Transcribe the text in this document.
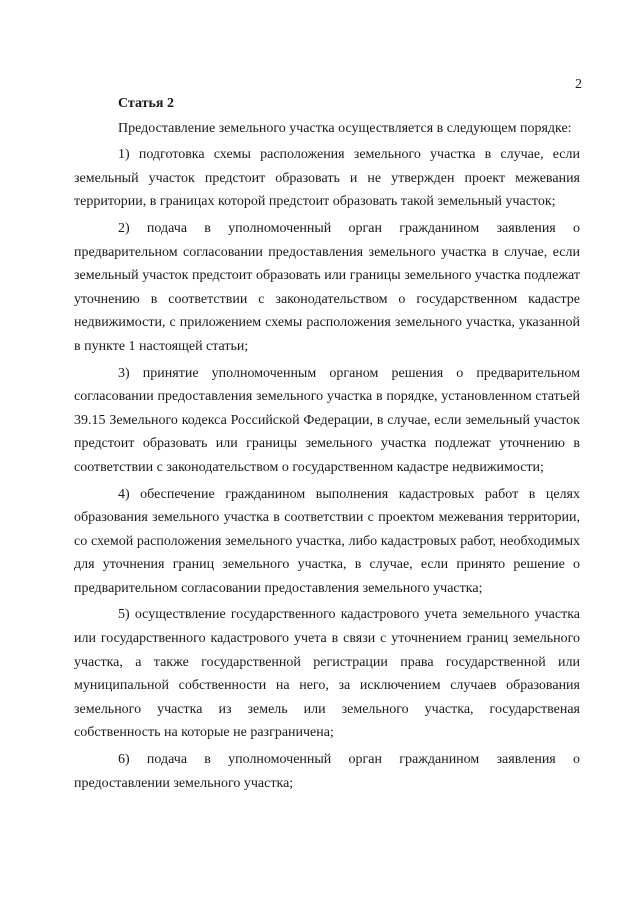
2
Статья 2

Предоставление земельного участка осуществляется в следующем порядке:

1) подготовка схемы расположения земельного участка в случае, если земельный участок предстоит образовать и не утвержден проект межевания территории, в границах которой предстоит образовать такой земельный участок;

2) подача в уполномоченный орган гражданином заявления о предварительном согласовании предоставления земельного участка в случае, если земельный участок предстоит образовать или границы земельного участка подлежат уточнению в соответствии с законодательством о государственном кадастре недвижимости, с приложением схемы расположения земельного участка, указанной в пункте 1 настоящей статьи;

3) принятие уполномоченным органом решения о предварительном согласовании предоставления земельного участка в порядке, установленном статьей 39.15 Земельного кодекса Российской Федерации, в случае, если земельный участок предстоит образовать или границы земельного участка подлежат уточнению в соответствии с законодательством о государственном кадастре недвижимости;

4) обеспечение гражданином выполнения кадастровых работ в целях образования земельного участка в соответствии с проектом межевания территории, со схемой расположения земельного участка, либо кадастровых работ, необходимых для уточнения границ земельного участка, в случае, если принято решение о предварительном согласовании предоставления земельного участка;

5) осуществление государственного кадастрового учета земельного участка или государственного кадастрового учета в связи с уточнением границ земельного участка, а также государственной регистрации права государственной или муниципальной собственности на него, за исключением случаев образования земельного участка из земель или земельного участка, государственая собственность на которые не разграничена;

6) подача в уполномоченный орган гражданином заявления о предоставлении земельного участка;
